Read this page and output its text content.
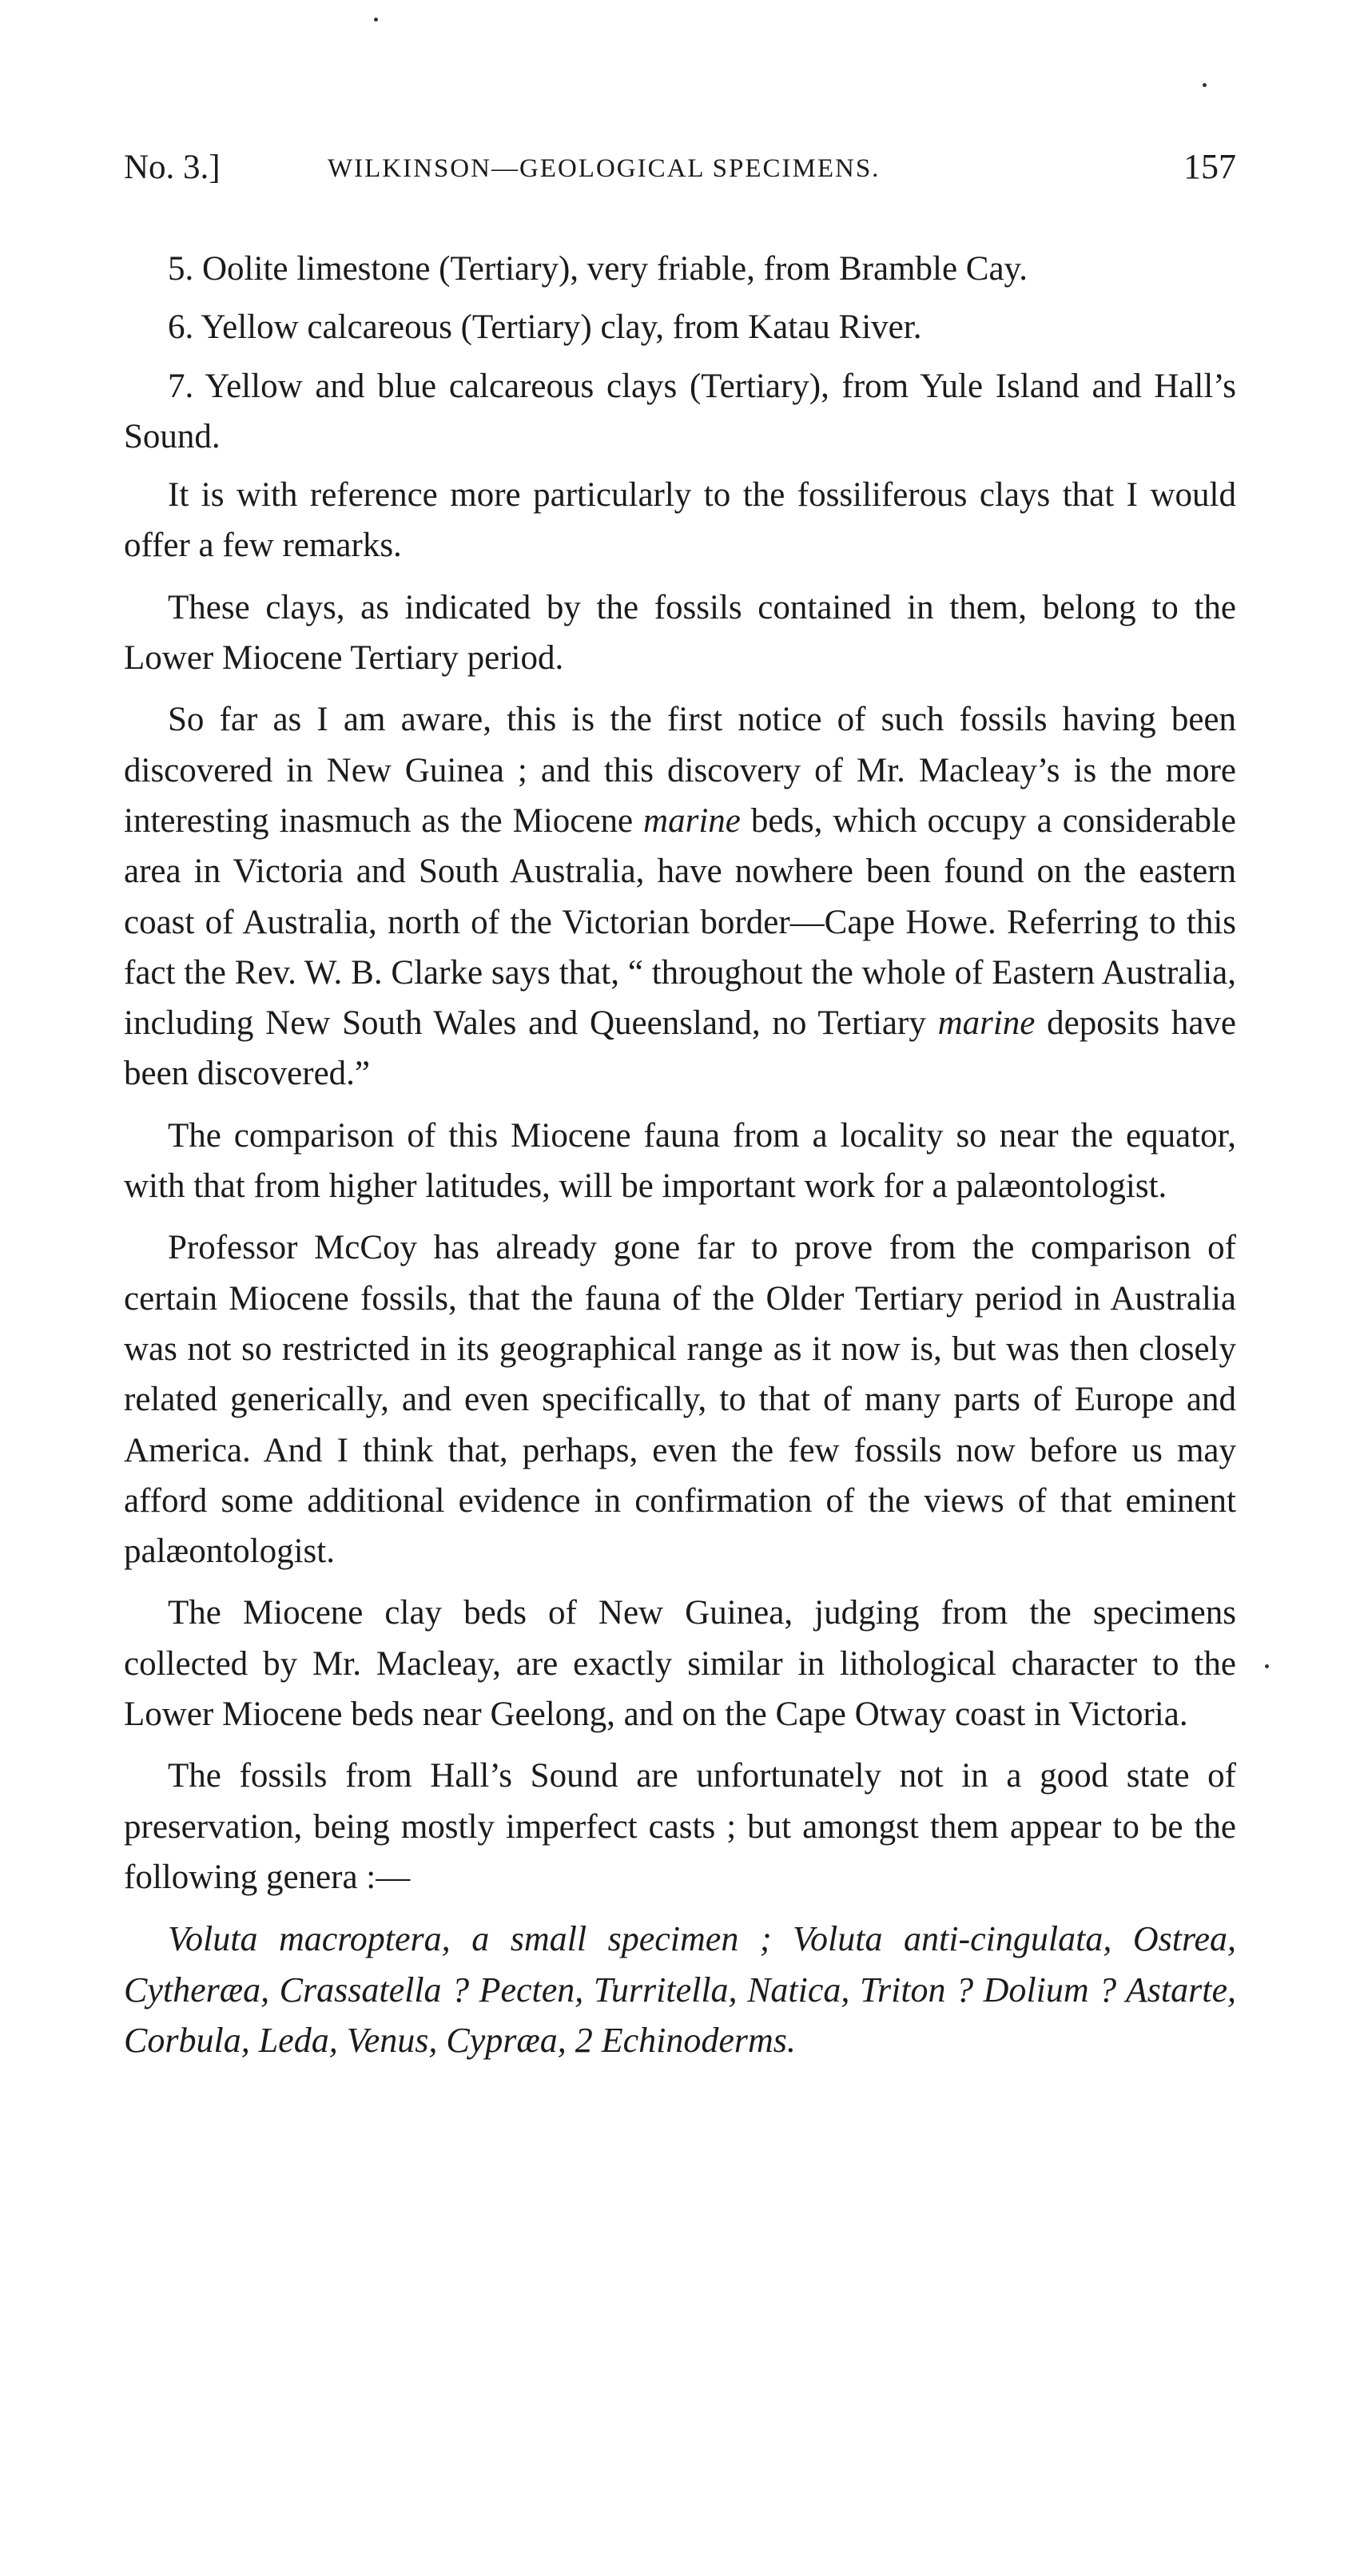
No. 3.]	WILKINSON—GEOLOGICAL SPECIMENS.	157

5. Oolite limestone (Tertiary), very friable, from Bramble Cay.

6. Yellow calcareous (Tertiary) clay, from Katau River.

7. Yellow and blue calcareous clays (Tertiary), from Yule Island and Hall’s Sound.

It is with reference more particularly to the fossiliferous clays that I would offer a few remarks.

These clays, as indicated by the fossils contained in them, belong to the Lower Miocene Tertiary period.

So far as I am aware, this is the first notice of such fossils having been discovered in New Guinea ; and this discovery of Mr. Macleay’s is the more interesting inasmuch as the Miocene marine beds, which occupy a considerable area in Victoria and South Australia, have nowhere been found on the eastern coast of Australia, north of the Victorian border—Cape Howe. Referring to this fact the Rev. W. B. Clarke says that, “ throughout the whole of Eastern Australia, including New South Wales and Queensland, no Tertiary marine deposits have been discovered.”

The comparison of this Miocene fauna from a locality so near the equator, with that from higher latitudes, will be important work for a palæontologist.

Professor McCoy has already gone far to prove from the comparison of certain Miocene fossils, that the fauna of the Older Tertiary period in Australia was not so restricted in its geographical range as it now is, but was then closely related generically, and even specifically, to that of many parts of Europe and America. And I think that, perhaps, even the few fossils now before us may afford some additional evidence in confirmation of the views of that eminent palæontologist.

The Miocene clay beds of New Guinea, judging from the specimens collected by Mr. Macleay, are exactly similar in lithological character to the Lower Miocene beds near Geelong, and on the Cape Otway coast in Victoria.

The fossils from Hall’s Sound are unfortunately not in a good state of preservation, being mostly imperfect casts ; but amongst them appear to be the following genera :—

Voluta macroptera, a small specimen ; Voluta anti-cingulata, Ostrea, Cytheræa, Crassatella ? Pecten, Turritella, Natica, Triton ? Dolium ? Astarte, Corbula, Leda, Venus, Cypræa, 2 Echinoderms.
